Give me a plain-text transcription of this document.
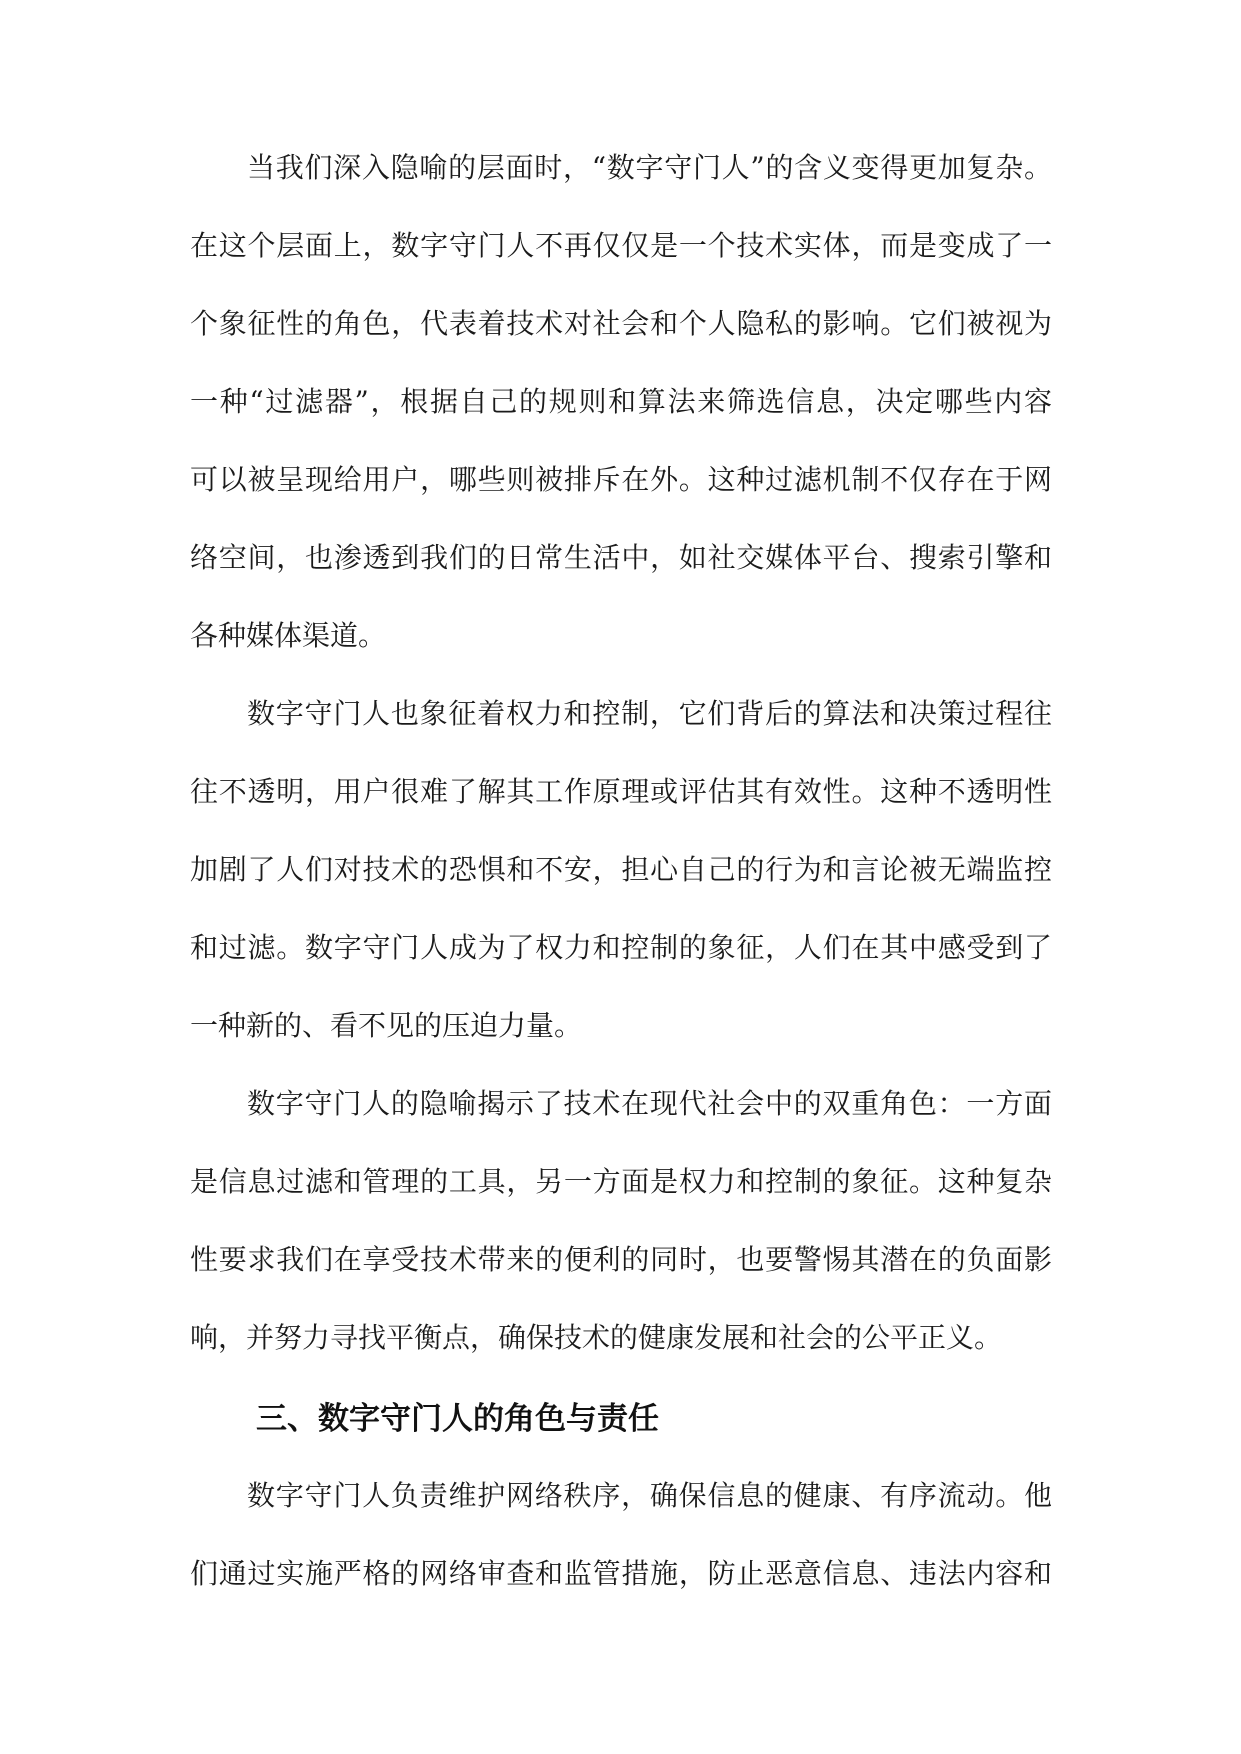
当我们深入隐喻的层面时，“数字守门人”的含义变得更加复杂。

在这个层面上，数字守门人不再仅仅是一个技术实体，而是变成了一

个象征性的角色，代表着技术对社会和个人隐私的影响。它们被视为

一种“过滤器”，根据自己的规则和算法来筛选信息，决定哪些内容

可以被呈现给用户，哪些则被排斥在外。这种过滤机制不仅存在于网

络空间，也渗透到我们的日常生活中，如社交媒体平台、搜索引擎和

各种媒体渠道。

数字守门人也象征着权力和控制，它们背后的算法和决策过程往

往不透明，用户很难了解其工作原理或评估其有效性。这种不透明性

加剧了人们对技术的恐惧和不安，担心自己的行为和言论被无端监控

和过滤。数字守门人成为了权力和控制的象征，人们在其中感受到了

一种新的、看不见的压迫力量。

数字守门人的隐喻揭示了技术在现代社会中的双重角色：一方面

是信息过滤和管理的工具，另一方面是权力和控制的象征。这种复杂

性要求我们在享受技术带来的便利的同时，也要警惕其潜在的负面影

响，并努力寻找平衡点，确保技术的健康发展和社会的公平正义。

三、数字守门人的角色与责任

数字守门人负责维护网络秩序，确保信息的健康、有序流动。他

们通过实施严格的网络审查和监管措施，防止恶意信息、违法内容和
